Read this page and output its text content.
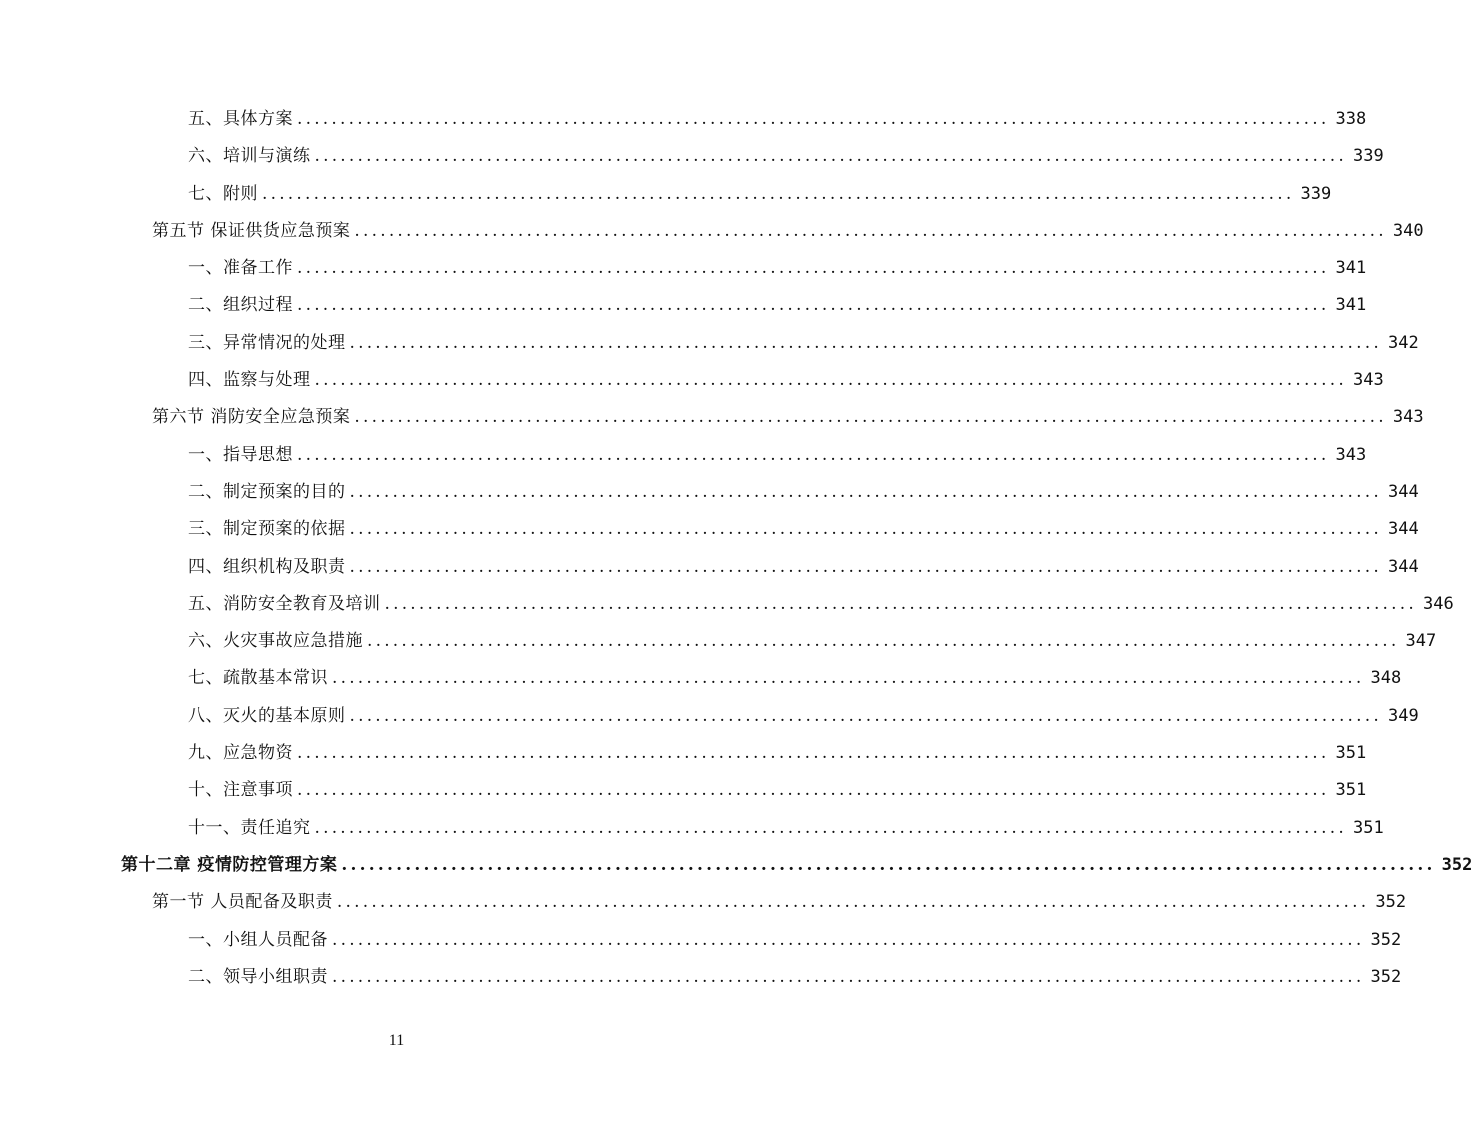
五、具体方案 ........................................................................................................................ 338
六、培训与演练 ........................................................................................................................ 339
七、附则 ........................................................................................................................ 339
第五节 保证供货应急预案 ........................................................................................................................ 340
一、准备工作 ........................................................................................................................ 341
二、组织过程 ........................................................................................................................ 341
三、异常情况的处理 ........................................................................................................................ 342
四、监察与处理 ........................................................................................................................ 343
第六节 消防安全应急预案 ........................................................................................................................ 343
一、指导思想 ........................................................................................................................ 343
二、制定预案的目的 ........................................................................................................................ 344
三、制定预案的依据 ........................................................................................................................ 344
四、组织机构及职责 ........................................................................................................................ 344
五、消防安全教育及培训 ........................................................................................................................ 346
六、火灾事故应急措施 ........................................................................................................................ 347
七、疏散基本常识 ........................................................................................................................ 348
八、灭火的基本原则 ........................................................................................................................ 349
九、应急物资 ........................................................................................................................ 351
十、注意事项 ........................................................................................................................ 351
十一、责任追究 ........................................................................................................................ 351
第十二章 疫情防控管理方案 ........................................................................................................................ 352
第一节 人员配备及职责 ........................................................................................................................ 352
一、小组人员配备 ........................................................................................................................ 352
二、领导小组职责 ........................................................................................................................ 352
11
